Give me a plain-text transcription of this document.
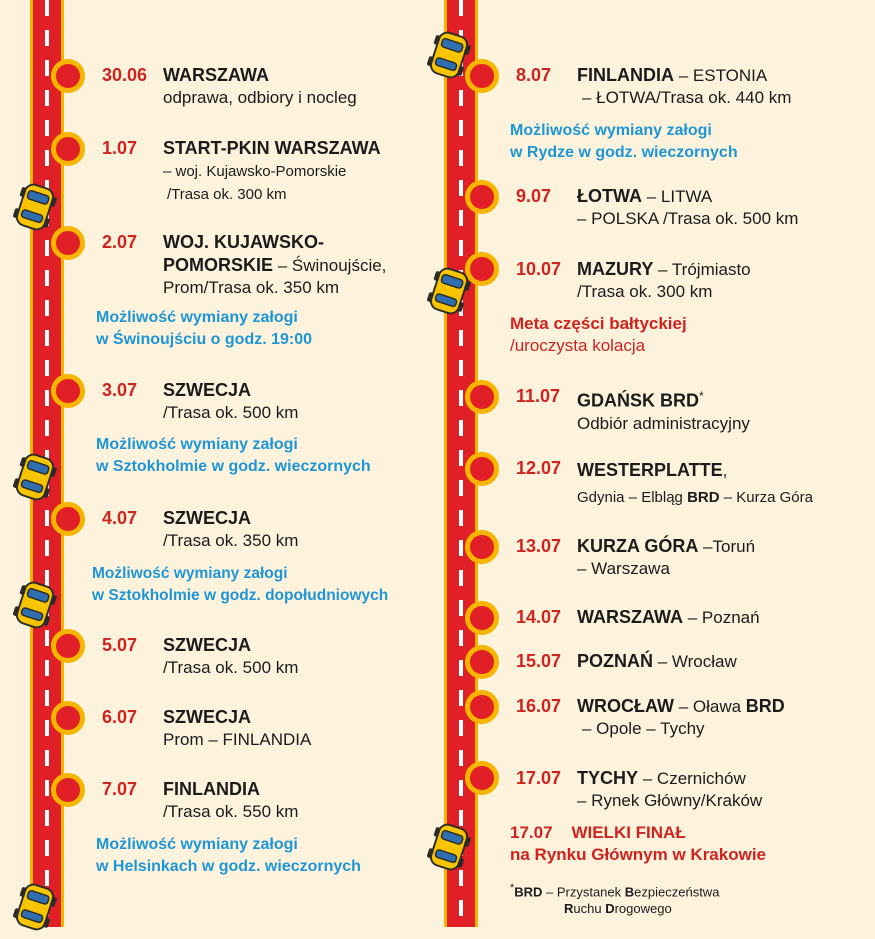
30.06 WARSZAWA
odprawa, odbiory i nocleg
1.07 START-PKIN WARSZAWA
– woj. Kujawsko-Pomorskie
/Trasa ok. 300 km
2.07 WOJ. KUJAWSKO-
POMORSKIE – Świnoujście,
Prom/Trasa ok. 350 km
Możliwość wymiany załogi
w Świnoujściu o godz. 19:00
3.07 SZWECJA
/Trasa ok. 500 km
Możliwość wymiany załogi
w Sztokholmie w godz. wieczornych
4.07 SZWECJA
/Trasa ok. 350 km
Możliwość wymiany załogi
w Sztokholmie w godz. dopołudniowych
5.07 SZWECJA
/Trasa ok. 500 km
6.07 SZWECJA
Prom – FINLANDIA
7.07 FINLANDIA
/Trasa ok. 550 km
Możliwość wymiany załogi
w Helsinkach w godz. wieczornych
8.07 FINLANDIA – ESTONIA
– ŁOTWA/Trasa ok. 440 km
Możliwość wymiany załogi
w Rydze w godz. wieczornych
9.07 ŁOTWA – LITWA
– POLSKA /Trasa ok. 500 km
10.07 MAZURY – Trójmiasto
/Trasa ok. 300 km
Meta części bałtyckiej
/uroczysta kolacja
11.07 GDAŃSK BRD*
Odbiór administracyjny
12.07 WESTERPLATTE,
Gdynia – Elbląg BRD – Kurza Góra
13.07 KURZA GÓRA –Toruń
– Warszawa
14.07 WARSZAWA – Poznań
15.07 POZNAŃ – Wrocław
16.07 WROCŁAW – Oława BRD
– Opole – Tychy
17.07 TYCHY – Czernichów
– Rynek Główny/Kraków
17.07 WIELKI FINAŁ
na Rynku Głównym w Krakowie
*BRD – Przystanek Bezpieczeństwa
Ruchu Drogowego
